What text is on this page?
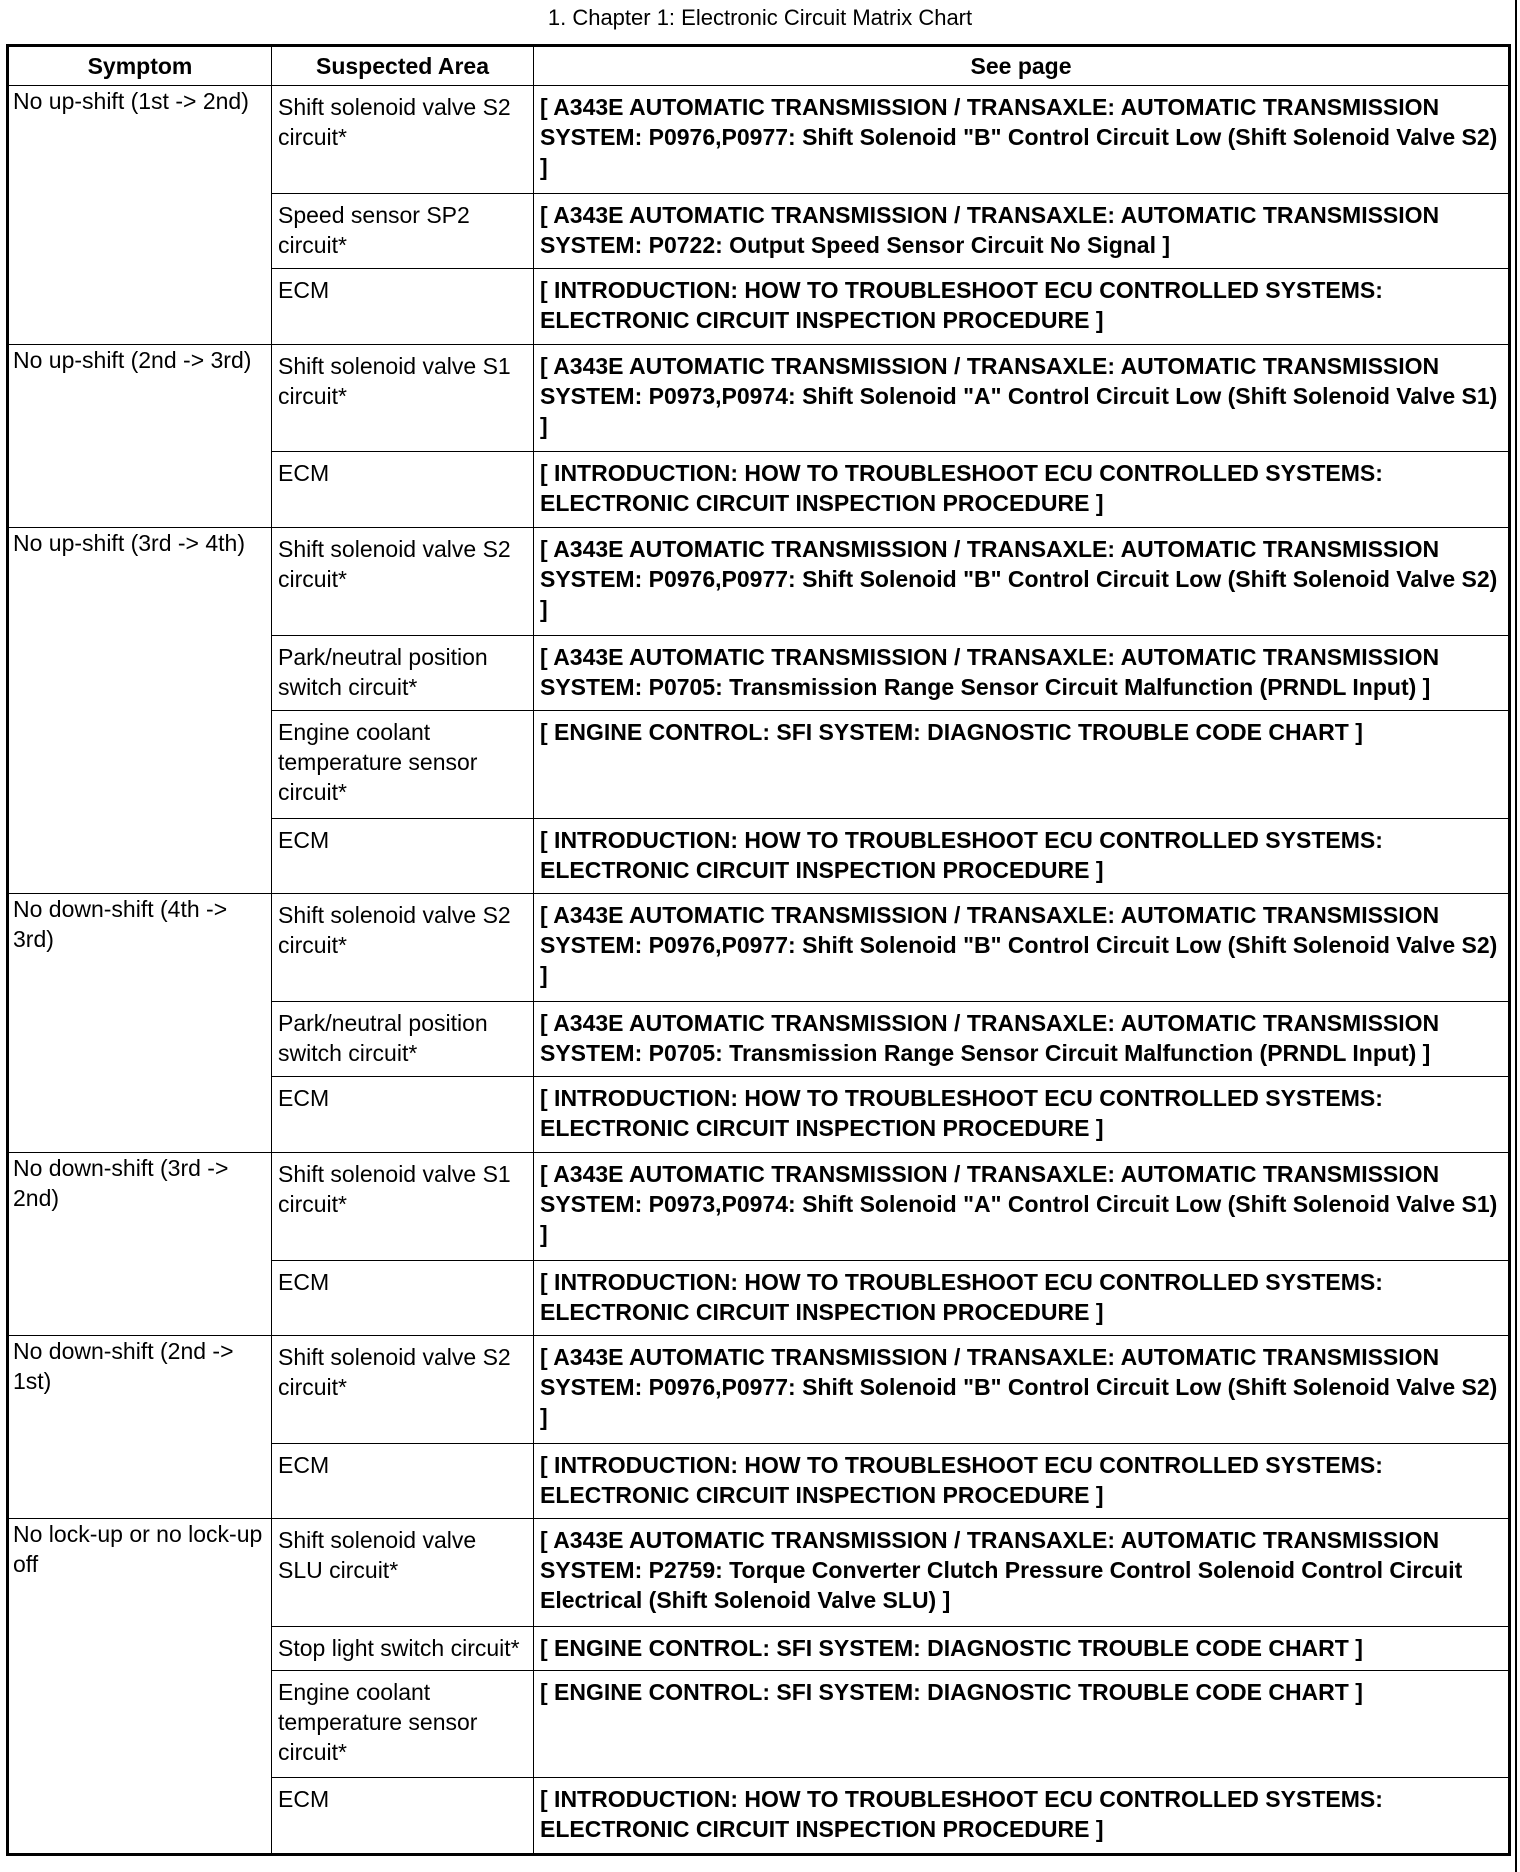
1. Chapter 1: Electronic Circuit Matrix Chart
Symptom	Suspected Area	See page
No up-shift (1st -> 2nd)	Shift solenoid valve S2 circuit*	[ A343E AUTOMATIC TRANSMISSION / TRANSAXLE: AUTOMATIC TRANSMISSION SYSTEM: P0976,P0977: Shift Solenoid "B" Control Circuit Low (Shift Solenoid Valve S2) ]
	Speed sensor SP2 circuit*	[ A343E AUTOMATIC TRANSMISSION / TRANSAXLE: AUTOMATIC TRANSMISSION SYSTEM: P0722: Output Speed Sensor Circuit No Signal ]
	ECM	[ INTRODUCTION: HOW TO TROUBLESHOOT ECU CONTROLLED SYSTEMS: ELECTRONIC CIRCUIT INSPECTION PROCEDURE ]
No up-shift (2nd -> 3rd)	Shift solenoid valve S1 circuit*	[ A343E AUTOMATIC TRANSMISSION / TRANSAXLE: AUTOMATIC TRANSMISSION SYSTEM: P0973,P0974: Shift Solenoid "A" Control Circuit Low (Shift Solenoid Valve S1) ]
	ECM	[ INTRODUCTION: HOW TO TROUBLESHOOT ECU CONTROLLED SYSTEMS: ELECTRONIC CIRCUIT INSPECTION PROCEDURE ]
No up-shift (3rd -> 4th)	Shift solenoid valve S2 circuit*	[ A343E AUTOMATIC TRANSMISSION / TRANSAXLE: AUTOMATIC TRANSMISSION SYSTEM: P0976,P0977: Shift Solenoid "B" Control Circuit Low (Shift Solenoid Valve S2) ]
	Park/neutral position switch circuit*	[ A343E AUTOMATIC TRANSMISSION / TRANSAXLE: AUTOMATIC TRANSMISSION SYSTEM: P0705: Transmission Range Sensor Circuit Malfunction (PRNDL Input) ]
	Engine coolant temperature sensor circuit*	[ ENGINE CONTROL: SFI SYSTEM: DIAGNOSTIC TROUBLE CODE CHART ]
	ECM	[ INTRODUCTION: HOW TO TROUBLESHOOT ECU CONTROLLED SYSTEMS: ELECTRONIC CIRCUIT INSPECTION PROCEDURE ]
No down-shift (4th -> 3rd)	Shift solenoid valve S2 circuit*	[ A343E AUTOMATIC TRANSMISSION / TRANSAXLE: AUTOMATIC TRANSMISSION SYSTEM: P0976,P0977: Shift Solenoid "B" Control Circuit Low (Shift Solenoid Valve S2) ]
	Park/neutral position switch circuit*	[ A343E AUTOMATIC TRANSMISSION / TRANSAXLE: AUTOMATIC TRANSMISSION SYSTEM: P0705: Transmission Range Sensor Circuit Malfunction (PRNDL Input) ]
	ECM	[ INTRODUCTION: HOW TO TROUBLESHOOT ECU CONTROLLED SYSTEMS: ELECTRONIC CIRCUIT INSPECTION PROCEDURE ]
No down-shift (3rd -> 2nd)	Shift solenoid valve S1 circuit*	[ A343E AUTOMATIC TRANSMISSION / TRANSAXLE: AUTOMATIC TRANSMISSION SYSTEM: P0973,P0974: Shift Solenoid "A" Control Circuit Low (Shift Solenoid Valve S1) ]
	ECM	[ INTRODUCTION: HOW TO TROUBLESHOOT ECU CONTROLLED SYSTEMS: ELECTRONIC CIRCUIT INSPECTION PROCEDURE ]
No down-shift (2nd -> 1st)	Shift solenoid valve S2 circuit*	[ A343E AUTOMATIC TRANSMISSION / TRANSAXLE: AUTOMATIC TRANSMISSION SYSTEM: P0976,P0977: Shift Solenoid "B" Control Circuit Low (Shift Solenoid Valve S2) ]
	ECM	[ INTRODUCTION: HOW TO TROUBLESHOOT ECU CONTROLLED SYSTEMS: ELECTRONIC CIRCUIT INSPECTION PROCEDURE ]
No lock-up or no lock-up off	Shift solenoid valve SLU circuit*	[ A343E AUTOMATIC TRANSMISSION / TRANSAXLE: AUTOMATIC TRANSMISSION SYSTEM: P2759: Torque Converter Clutch Pressure Control Solenoid Control Circuit Electrical (Shift Solenoid Valve SLU) ]
	Stop light switch circuit*	[ ENGINE CONTROL: SFI SYSTEM: DIAGNOSTIC TROUBLE CODE CHART ]
	Engine coolant temperature sensor circuit*	[ ENGINE CONTROL: SFI SYSTEM: DIAGNOSTIC TROUBLE CODE CHART ]
	ECM	[ INTRODUCTION: HOW TO TROUBLESHOOT ECU CONTROLLED SYSTEMS: ELECTRONIC CIRCUIT INSPECTION PROCEDURE ]
